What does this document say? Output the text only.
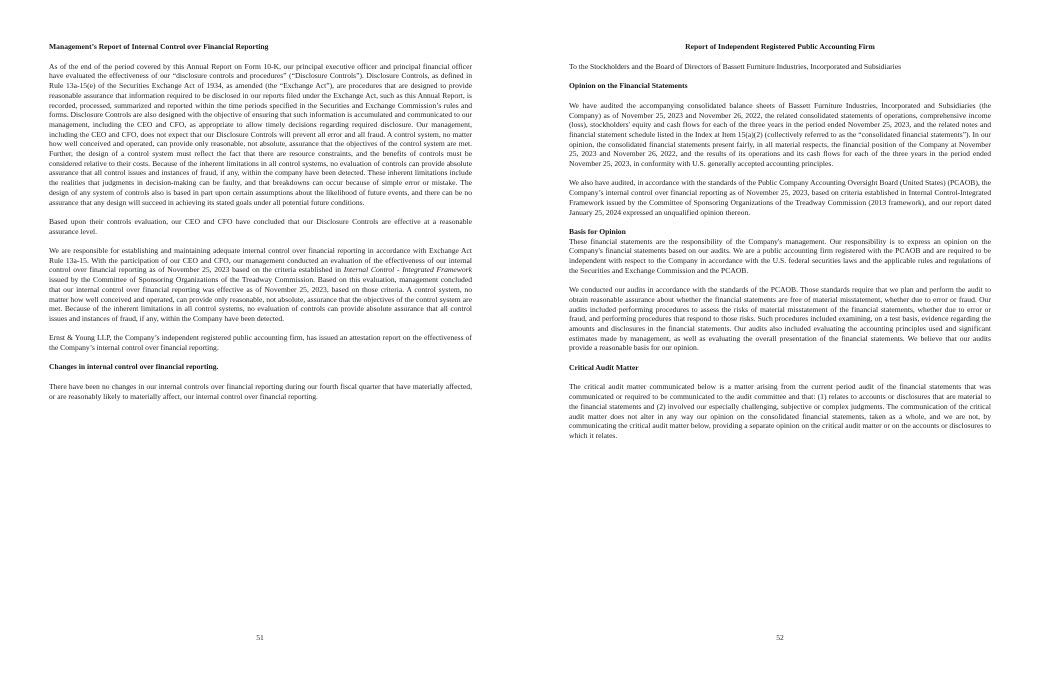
Management’s Report of Internal Control over Financial Reporting

As of the end of the period covered by this Annual Report on Form 10-K, our principal executive officer and principal financial officer have evaluated the effectiveness of our “disclosure controls and procedures” (“Disclosure Controls”). Disclosure Controls, as defined in Rule 13a-15(e) of the Securities Exchange Act of 1934, as amended (the “Exchange Act”), are procedures that are designed to provide reasonable assurance that information required to be disclosed in our reports filed under the Exchange Act, such as this Annual Report, is recorded, processed, summarized and reported within the time periods specified in the Securities and Exchange Commission’s rules and forms. Disclosure Controls are also designed with the objective of ensuring that such information is accumulated and communicated to our management, including the CEO and CFO, as appropriate to allow timely decisions regarding required disclosure. Our management, including the CEO and CFO, does not expect that our Disclosure Controls will prevent all error and all fraud. A control system, no matter how well conceived and operated, can provide only reasonable, not absolute, assurance that the objectives of the control system are met. Further, the design of a control system must reflect the fact that there are resource constraints, and the benefits of controls must be considered relative to their costs. Because of the inherent limitations in all control systems, no evaluation of controls can provide absolute assurance that all control issues and instances of fraud, if any, within the company have been detected. These inherent limitations include the realities that judgments in decision-making can be faulty, and that breakdowns can occur because of simple error or mistake. The design of any system of controls also is based in part upon certain assumptions about the likelihood of future events, and there can be no assurance that any design will succeed in achieving its stated goals under all potential future conditions.

Based upon their controls evaluation, our CEO and CFO have concluded that our Disclosure Controls are effective at a reasonable assurance level.

We are responsible for establishing and maintaining adequate internal control over financial reporting in accordance with Exchange Act Rule 13a-15. With the participation of our CEO and CFO, our management conducted an evaluation of the effectiveness of our internal control over financial reporting as of November 25, 2023 based on the criteria established in Internal Control - Integrated Framework issued by the Committee of Sponsoring Organizations of the Treadway Commission. Based on this evaluation, management concluded that our internal control over financial reporting was effective as of November 25, 2023, based on those criteria. A control system, no matter how well conceived and operated, can provide only reasonable, not absolute, assurance that the objectives of the control system are met. Because of the inherent limitations in all control systems, no evaluation of controls can provide absolute assurance that all control issues and instances of fraud, if any, within the Company have been detected.

Ernst & Young LLP, the Company’s independent registered public accounting firm, has issued an attestation report on the effectiveness of the Company’s internal control over financial reporting.

Changes in internal control over financial reporting.

There have been no changes in our internal controls over financial reporting during our fourth fiscal quarter that have materially affected, or are reasonably likely to materially affect, our internal control over financial reporting.

51
Report of Independent Registered Public Accounting Firm

To the Stockholders and the Board of Directors of Bassett Furniture Industries, Incorporated and Subsidiaries

Opinion on the Financial Statements

We have audited the accompanying consolidated balance sheets of Bassett Furniture Industries, Incorporated and Subsidiaries (the Company) as of November 25, 2023 and November 26, 2022, the related consolidated statements of operations, comprehensive income (loss), stockholders' equity and cash flows for each of the three years in the period ended November 25, 2023, and the related notes and financial statement schedule listed in the Index at Item 15(a)(2) (collectively referred to as the “consolidated financial statements”). In our opinion, the consolidated financial statements present fairly, in all material respects, the financial position of the Company at November 25, 2023 and November 26, 2022, and the results of its operations and its cash flows for each of the three years in the period ended November 25, 2023, in conformity with U.S. generally accepted accounting principles.

We also have audited, in accordance with the standards of the Public Company Accounting Oversight Board (United States) (PCAOB), the Company’s internal control over financial reporting as of November 25, 2023, based on criteria established in Internal Control-Integrated Framework issued by the Committee of Sponsoring Organizations of the Treadway Commission (2013 framework), and our report dated January 25, 2024 expressed an unqualified opinion thereon.

Basis for Opinion

These financial statements are the responsibility of the Company's management. Our responsibility is to express an opinion on the Company's financial statements based on our audits. We are a public accounting firm registered with the PCAOB and are required to be independent with respect to the Company in accordance with the U.S. federal securities laws and the applicable rules and regulations of the Securities and Exchange Commission and the PCAOB.

We conducted our audits in accordance with the standards of the PCAOB. Those standards require that we plan and perform the audit to obtain reasonable assurance about whether the financial statements are free of material misstatement, whether due to error or fraud. Our audits included performing procedures to assess the risks of material misstatement of the financial statements, whether due to error or fraud, and performing procedures that respond to those risks. Such procedures included examining, on a test basis, evidence regarding the amounts and disclosures in the financial statements. Our audits also included evaluating the accounting principles used and significant estimates made by management, as well as evaluating the overall presentation of the financial statements. We believe that our audits provide a reasonable basis for our opinion.

Critical Audit Matter

The critical audit matter communicated below is a matter arising from the current period audit of the financial statements that was communicated or required to be communicated to the audit committee and that: (1) relates to accounts or disclosures that are material to the financial statements and (2) involved our especially challenging, subjective or complex judgments. The communication of the critical audit matter does not alter in any way our opinion on the consolidated financial statements, taken as a whole, and we are not, by communicating the critical audit matter below, providing a separate opinion on the critical audit matter or on the accounts or disclosures to which it relates.

52
